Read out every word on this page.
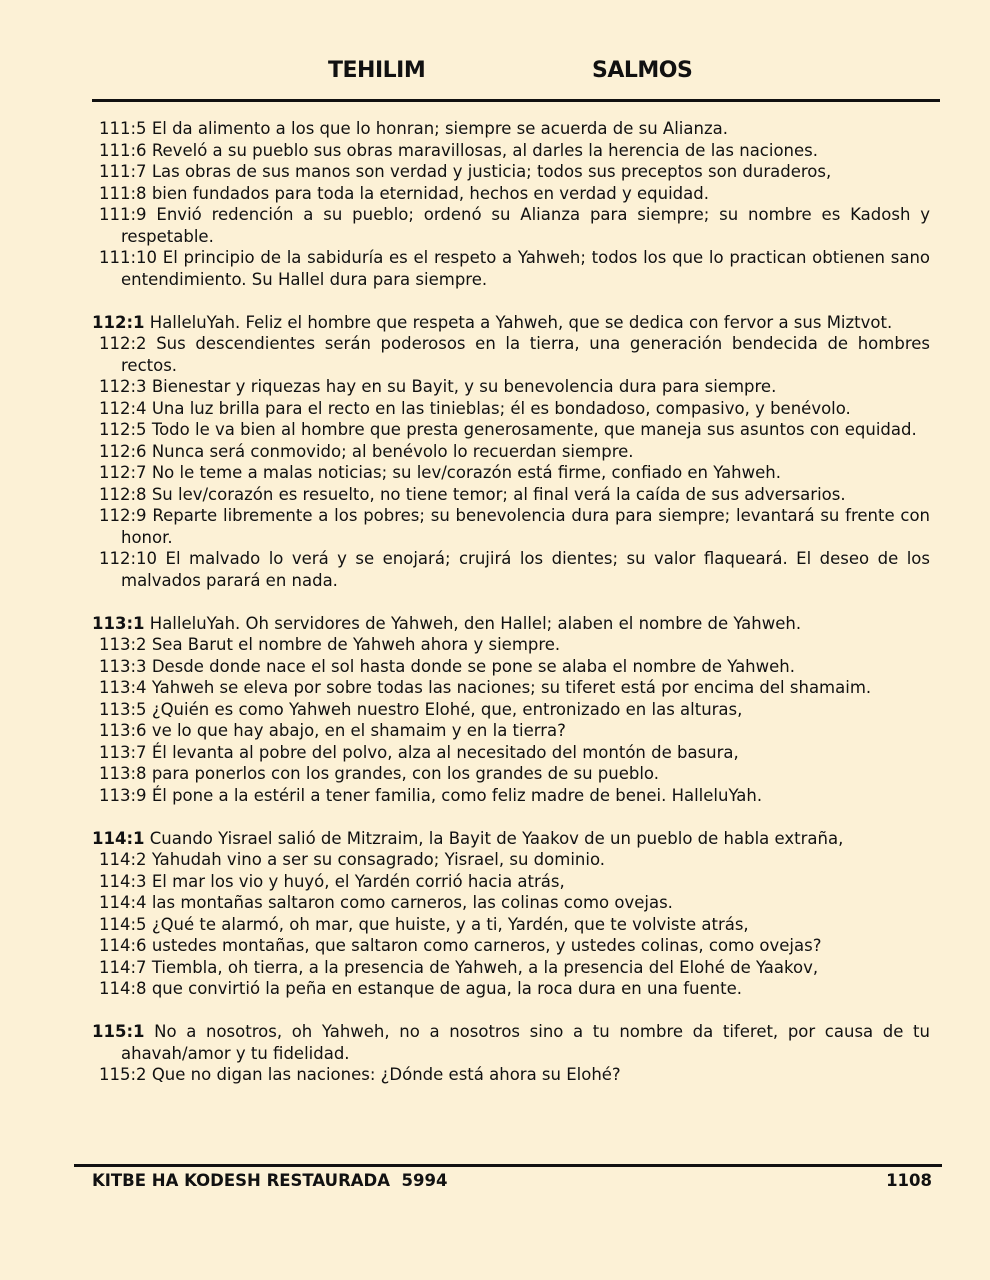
TEHILIM	SALMOS
111:5 El da alimento a los que lo honran; siempre se acuerda de su Alianza.
111:6 Reveló a su pueblo sus obras maravillosas, al darles la herencia de las naciones.
111:7 Las obras de sus manos son verdad y justicia; todos sus preceptos son duraderos,
111:8 bien fundados para toda la eternidad, hechos en verdad y equidad.
111:9 Envió redención a su pueblo; ordenó su Alianza para siempre; su nombre es Kadosh y respetable.
111:10 El principio de la sabiduría es el respeto a Yahweh; todos los que lo practican obtienen sano entendimiento. Su Hallel dura para siempre.
112:1 HalleluYah. Feliz el hombre que respeta a Yahweh, que se dedica con fervor a sus Miztvot.
112:2 Sus descendientes serán poderosos en la tierra, una generación bendecida de hombres rectos.
112:3 Bienestar y riquezas hay en su Bayit, y su benevolencia dura para siempre.
112:4 Una luz brilla para el recto en las tinieblas; él es bondadoso, compasivo, y benévolo.
112:5 Todo le va bien al hombre que presta generosamente, que maneja sus asuntos con equidad.
112:6 Nunca será conmovido; al benévolo lo recuerdan siempre.
112:7 No le teme a malas noticias; su lev/corazón está firme, confiado en Yahweh.
112:8 Su lev/corazón es resuelto, no tiene temor; al final verá la caída de sus adversarios.
112:9 Reparte libremente a los pobres; su benevolencia dura para siempre; levantará su frente con honor.
112:10 El malvado lo verá y se enojará; crujirá los dientes; su valor flaqueará. El deseo de los malvados parará en nada.
113:1 HalleluYah. Oh servidores de Yahweh, den Hallel; alaben el nombre de Yahweh.
113:2 Sea Barut el nombre de Yahweh ahora y siempre.
113:3 Desde donde nace el sol hasta donde se pone se alaba el nombre de Yahweh.
113:4 Yahweh se eleva por sobre todas las naciones; su tiferet está por encima del shamaim.
113:5 ¿Quién es como Yahweh nuestro Elohé, que, entronizado en las alturas,
113:6 ve lo que hay abajo, en el shamaim y en la tierra?
113:7 Él levanta al pobre del polvo, alza al necesitado del montón de basura,
113:8 para ponerlos con los grandes, con los grandes de su pueblo.
113:9 Él pone a la estéril a tener familia, como feliz madre de benei. HalleluYah.
114:1 Cuando Yisrael salió de Mitzraim, la Bayit de Yaakov de un pueblo de habla extraña,
114:2 Yahudah vino a ser su consagrado; Yisrael, su dominio.
114:3 El mar los vio y huyó, el Yardén corrió hacia atrás,
114:4 las montañas saltaron como carneros, las colinas como ovejas.
114:5 ¿Qué te alarmó, oh mar, que huiste, y a ti, Yardén, que te volviste atrás,
114:6 ustedes montañas, que saltaron como carneros, y ustedes colinas, como ovejas?
114:7 Tiembla, oh tierra, a la presencia de Yahweh, a la presencia del Elohé de Yaakov,
114:8 que convirtió la peña en estanque de agua, la roca dura en una fuente.
115:1 No a nosotros, oh Yahweh, no a nosotros sino a tu nombre da tiferet, por causa de tu ahavah/amor y tu fidelidad.
115:2 Que no digan las naciones: ¿Dónde está ahora su Elohé?
KITBE HA KODESH RESTAURADA  5994	1108
